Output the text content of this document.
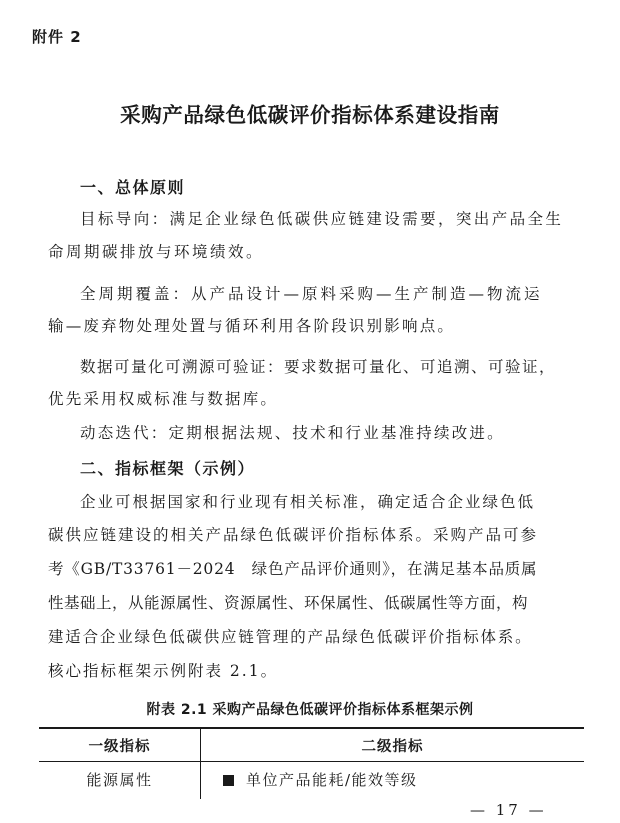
附件 2
采购产品绿色低碳评价指标体系建设指南
一、总体原则
目标导向：满足企业绿色低碳供应链建设需要，突出产品全生
命周期碳排放与环境绩效。
全周期覆盖：从产品设计—原料采购—生产制造—物流运
输—废弃物处理处置与循环利用各阶段识别影响点。
数据可量化可溯源可验证：要求数据可量化、可追溯、可验证，
优先采用权威标准与数据库。
动态迭代：定期根据法规、技术和行业基准持续改进。
二、指标框架（示例）
企业可根据国家和行业现有相关标准，确定适合企业绿色低
碳供应链建设的相关产品绿色低碳评价指标体系。采购产品可参
考《GB/T33761－2024　绿色产品评价通则》，在满足基本品质属
性基础上，从能源属性、资源属性、环保属性、低碳属性等方面，构
建适合企业绿色低碳供应链管理的产品绿色低碳评价指标体系。
核心指标框架示例附表 2.1。
附表 2.1 采购产品绿色低碳评价指标体系框架示例
一级指标	二级指标
能源属性	单位产品能耗/能效等级
— 17 —
